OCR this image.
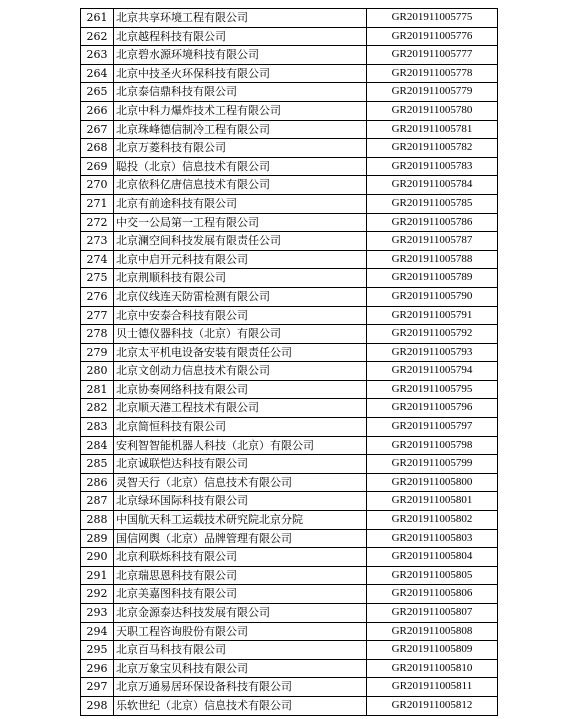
261	北京共享环境工程有限公司	GR201911005775
262	北京越程科技有限公司	GR201911005776
263	北京碧水源环境科技有限公司	GR201911005777
264	北京中技圣火环保科技有限公司	GR201911005778
265	北京泰信鼎科技有限公司	GR201911005779
266	北京中科力爆炸技术工程有限公司	GR201911005780
267	北京珠峰德信制冷工程有限公司	GR201911005781
268	北京万菱科技有限公司	GR201911005782
269	聪投（北京）信息技术有限公司	GR201911005783
270	北京依科亿唐信息技术有限公司	GR201911005784
271	北京有前途科技有限公司	GR201911005785
272	中交一公局第一工程有限公司	GR201911005786
273	北京澜空间科技发展有限责任公司	GR201911005787
274	北京中启开元科技有限公司	GR201911005788
275	北京荆顺科技有限公司	GR201911005789
276	北京仪线连天防雷检测有限公司	GR201911005790
277	北京中安泰合科技有限公司	GR201911005791
278	贝士德仪器科技（北京）有限公司	GR201911005792
279	北京太平机电设备安装有限责任公司	GR201911005793
280	北京文创动力信息技术有限公司	GR201911005794
281	北京协奏网络科技有限公司	GR201911005795
282	北京顺天港工程技术有限公司	GR201911005796
283	北京简恒科技有限公司	GR201911005797
284	安利智智能机器人科技（北京）有限公司	GR201911005798
285	北京诚联恺达科技有限公司	GR201911005799
286	灵智天行（北京）信息技术有限公司	GR201911005800
287	北京绿环国际科技有限公司	GR201911005801
288	中国航天科工运载技术研究院北京分院	GR201911005802
289	国信网舆（北京）品牌管理有限公司	GR201911005803
290	北京利联烁科技有限公司	GR201911005804
291	北京瑞思恩科技有限公司	GR201911005805
292	北京美嘉图科技有限公司	GR201911005806
293	北京金源泰达科技发展有限公司	GR201911005807
294	天职工程咨询股份有限公司	GR201911005808
295	北京百马科技有限公司	GR201911005809
296	北京万象宝贝科技有限公司	GR201911005810
297	北京万通易居环保设备科技有限公司	GR201911005811
298	乐软世纪（北京）信息技术有限公司	GR201911005812
